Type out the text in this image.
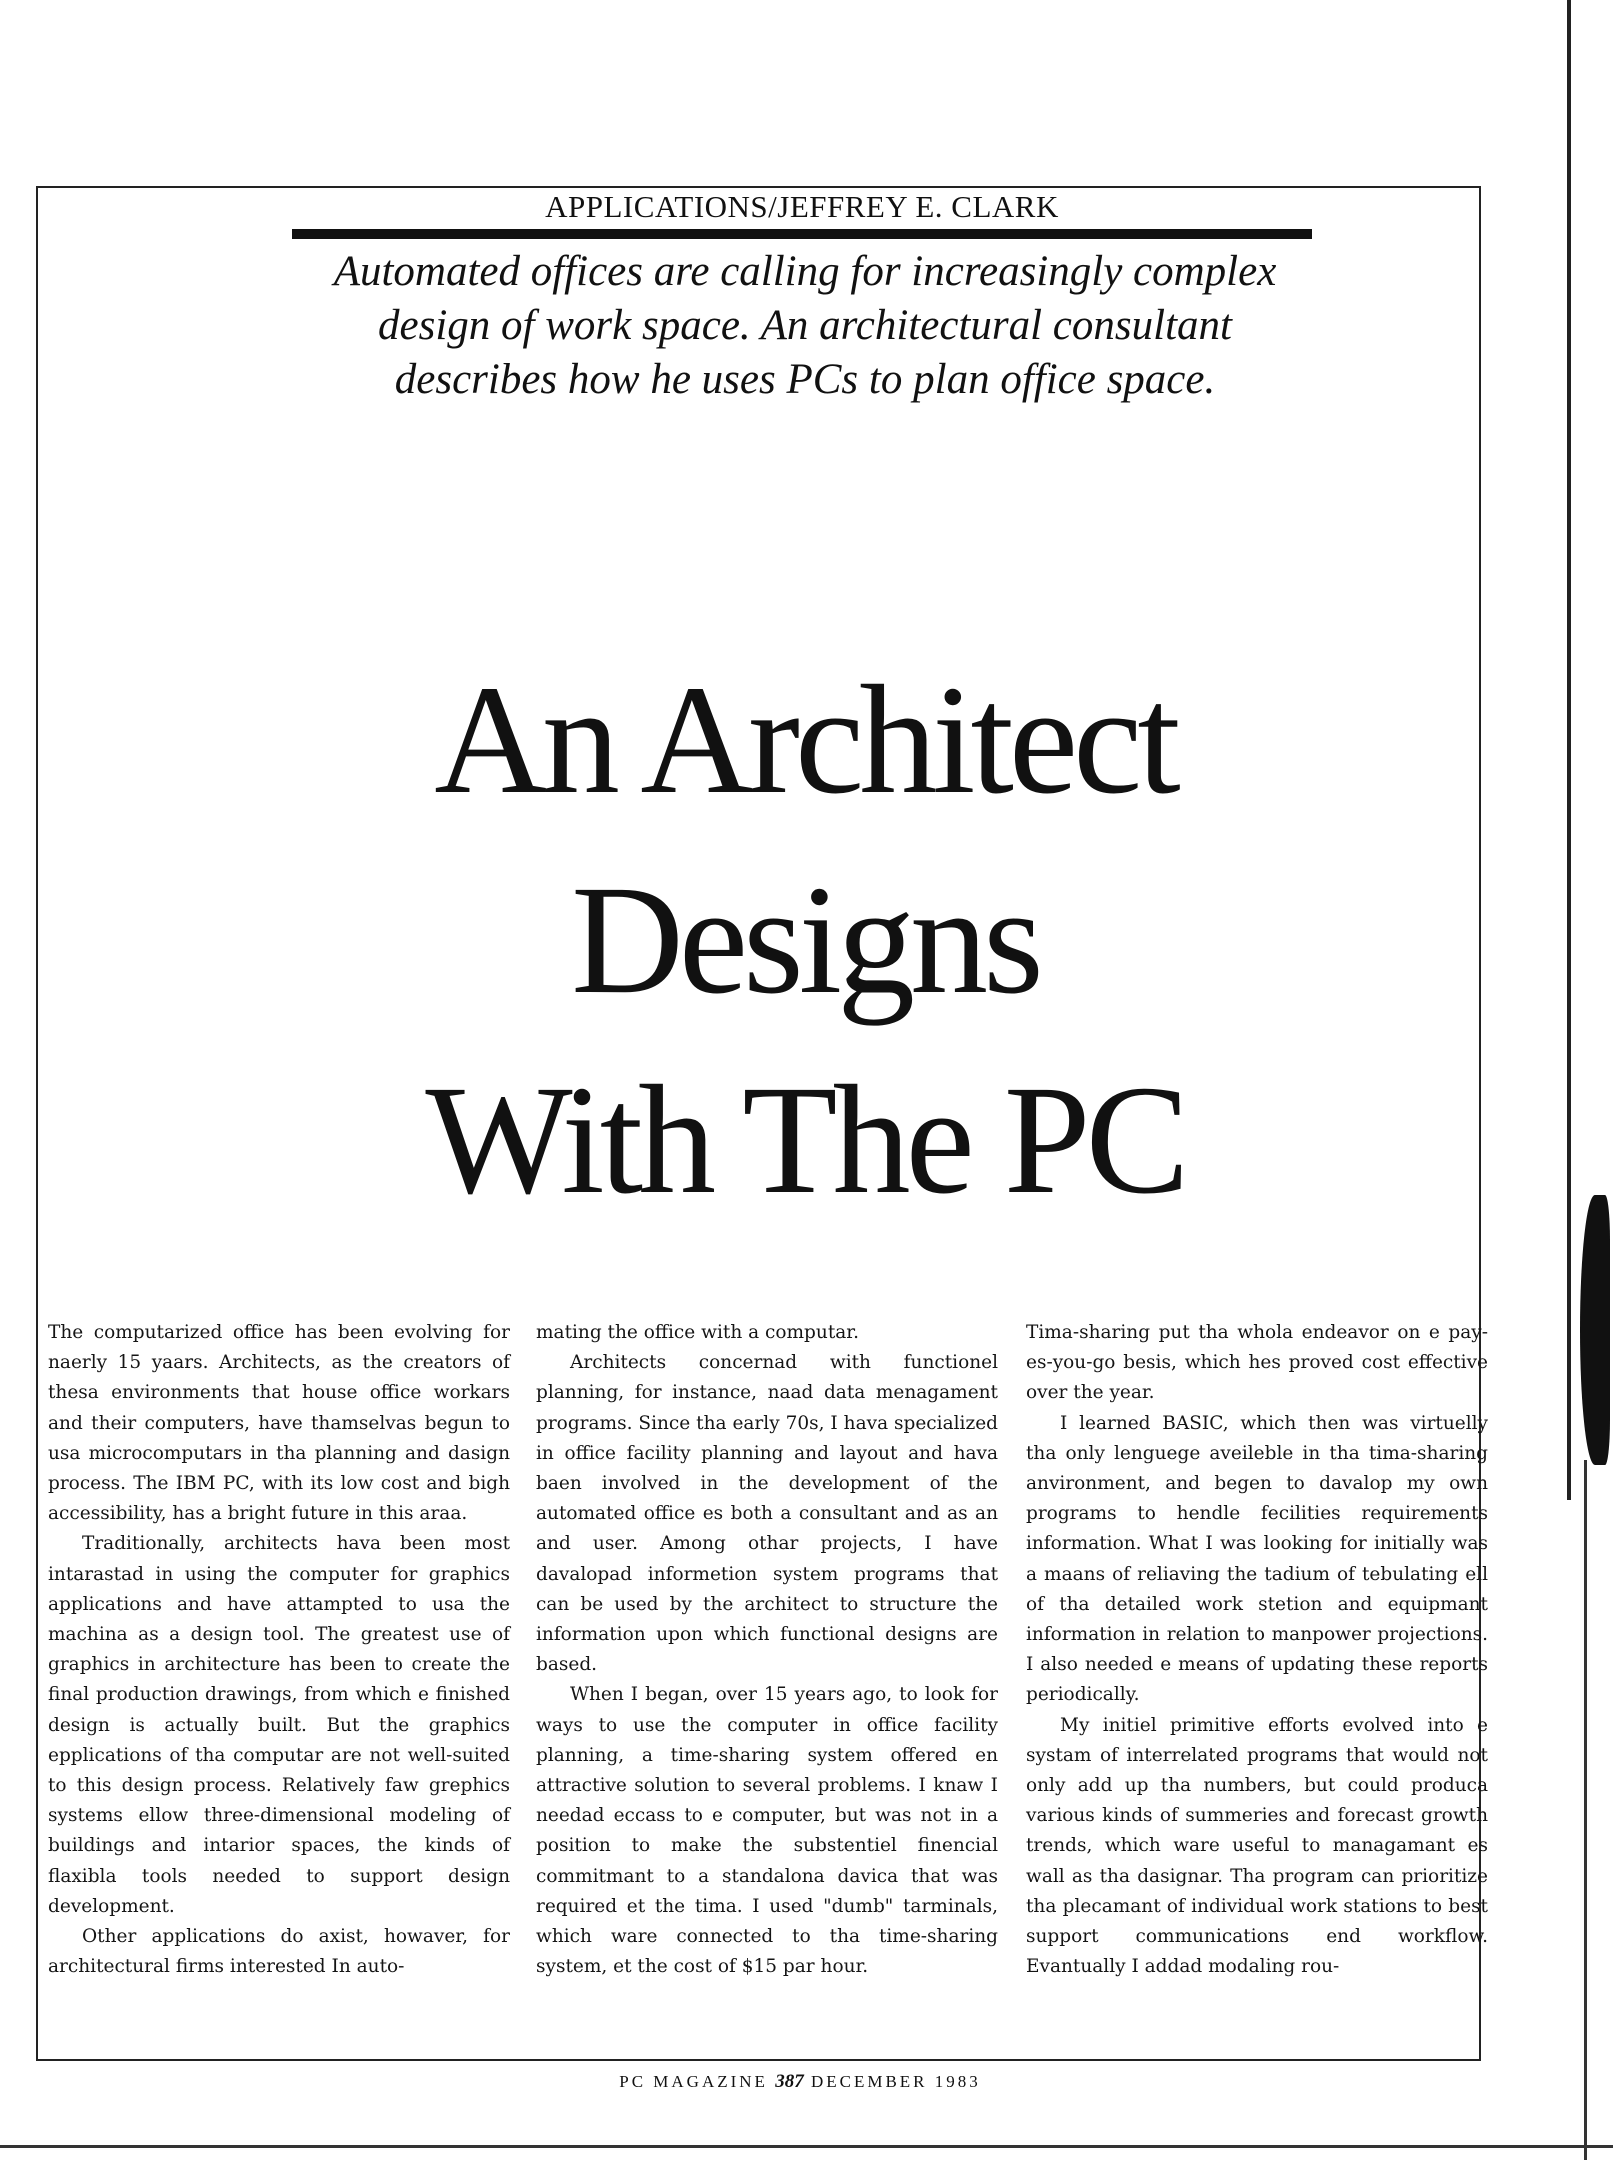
APPLICATIONS/JEFFREY E. CLARK
Automated offices are calling for increasingly complex
design of work space. An architectural consultant
describes how he uses PCs to plan office space.
An Architect
Designs
With The PC

The computarized office has been evolving for naerly 15 yaars. Architects, as the creators of thesa environments that house office workars and their computers, have thamselvas begun to usa microcomputars in tha planning and dasign process. The IBM PC, with its low cost and bigh accessibility, has a bright future in this araa.

Traditionally, architects hava been most intarastad in using the computer for graphics applications and have attampted to usa the machina as a design tool. The greatest use of graphics in architecture has been to create the final production drawings, from which e finished design is actually built. But the graphics epplications of tha computar are not well-suited to this design process. Relatively faw grephics systems ellow three-dimensional modeling of buildings and intarior spaces, the kinds of flaxibla tools needed to support design development.

Other applications do axist, howaver, for architectural firms interested In auto-

mating the office with a computar.

Architects concernad with functionel planning, for instance, naad data menagament programs. Since tha early 70s, I hava specialized in office facility planning and layout and hava baen involved in the development of the automated office es both a consultant and as an and user. Among othar projects, I have davalopad informetion system programs that can be used by the architect to structure the information upon which functional designs are based.

When I began, over 15 years ago, to look for ways to use the computer in office facility planning, a time-sharing system offered en attractive solution to several problems. I knaw I needad eccass to e computer, but was not in a position to make the substentiel finencial commitmant to a standalona davica that was required et the tima. I used "dumb" tarminals, which ware connected to tha time-sharing system, et the cost of $15 par hour.

Tima-sharing put tha whola endeavor on e pay-es-you-go besis, which hes proved cost effective over the year.

I learned BASIC, which then was virtuelly tha only lenguege aveileble in tha tima-sharing anvironment, and begen to davalop my own programs to hendle fecilities requirements information. What I was looking for initially was a maans of reliaving the tadium of tebulating ell of tha detailed work stetion and equipmant information in relation to manpower projections. I also needed e means of updating these reports periodically.

My initiel primitive efforts evolved into e systam of interrelated programs that would not only add up tha numbers, but could produca various kinds of summeries and forecast growth trends, which ware useful to managamant es wall as tha dasignar. Tha program can prioritize tha plecamant of individual work stations to best support communications end workflow. Evantually I addad modaling rou-

PC MAGAZINE 387 DECEMBER 1983
